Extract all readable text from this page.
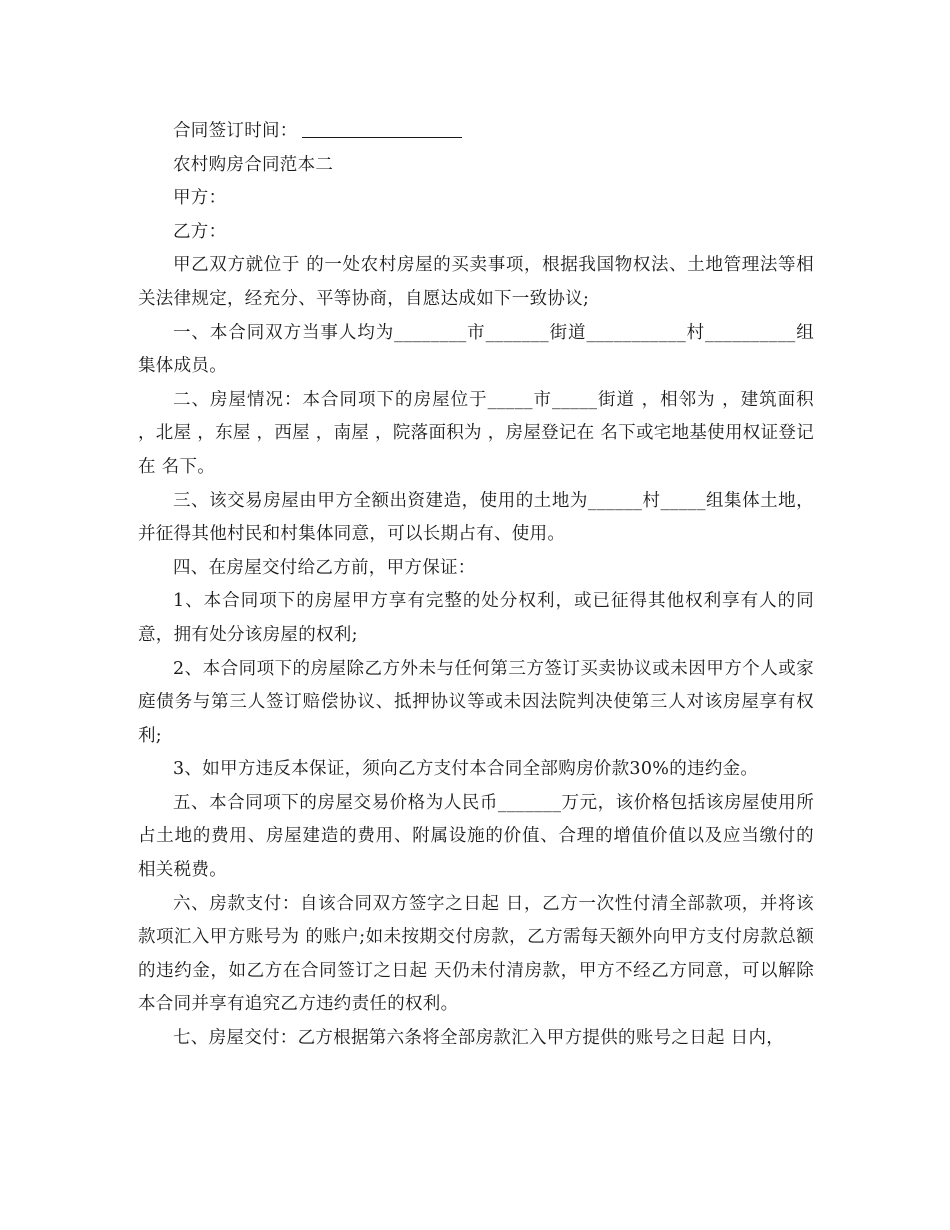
合同签订时间：

农村购房合同范本二

甲方：

乙方：

甲乙双方就位于 的一处农村房屋的买卖事项，根据我国物权法、土地管理法等相关法律规定，经充分、平等协商，自愿达成如下一致协议;

一、本合同双方当事人均为________市_______街道___________村__________组集体成员。

二、房屋情况：本合同项下的房屋位于_____市_____街道 ，相邻为 ，建筑面积 ，北屋 ，东屋 ，西屋 ，南屋 ，院落面积为 ，房屋登记在 名下或宅地基使用权证登记在 名下。

三、该交易房屋由甲方全额出资建造，使用的土地为______村_____组集体土地，并征得其他村民和村集体同意，可以长期占有、使用。

四、在房屋交付给乙方前，甲方保证：

1、本合同项下的房屋甲方享有完整的处分权利，或已征得其他权利享有人的同意，拥有处分该房屋的权利;

2、本合同项下的房屋除乙方外未与任何第三方签订买卖协议或未因甲方个人或家庭债务与第三人签订赔偿协议、抵押协议等或未因法院判决使第三人对该房屋享有权利;

3、如甲方违反本保证，须向乙方支付本合同全部购房价款30%的违约金。

五、本合同项下的房屋交易价格为人民币_______万元，该价格包括该房屋使用所占土地的费用、房屋建造的费用、附属设施的价值、合理的增值价值以及应当缴付的相关税费。

六、房款支付：自该合同双方签字之日起 日，乙方一次性付清全部款项，并将该款项汇入甲方账号为 的账户;如未按期交付房款，乙方需每天额外向甲方支付房款总额 的违约金，如乙方在合同签订之日起 天仍未付清房款，甲方不经乙方同意，可以解除本合同并享有追究乙方违约责任的权利。

七、房屋交付：乙方根据第六条将全部房款汇入甲方提供的账号之日起 日内，
